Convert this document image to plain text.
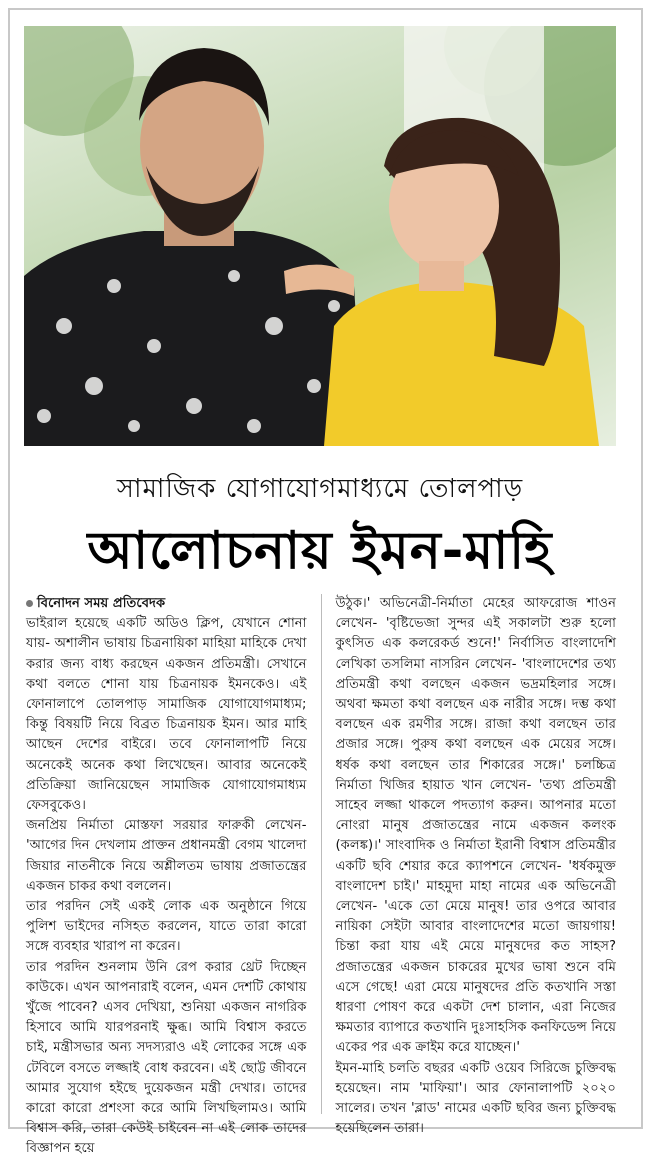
সামাজিক যোগাযোগমাধ্যমে তোলপাড়
আলোচনায় ইমন-মাহি
বিনোদন সময় প্রতিবেদক

ভাইরাল হয়েছে একটি অডিও ক্লিপ, যেখানে শোনা যায়- অশালীন ভাষায় চিত্রনায়িকা মাহিয়া মাহিকে দেখা করার জন্য বাধ্য করছেন একজন প্রতিমন্ত্রী। সেখানে কথা বলতে শোনা যায় চিত্রনায়ক ইমনকেও। এই ফোনালাপে তোলপাড় সামাজিক যোগাযোগমাধ্যম; কিন্তু বিষয়টি নিয়ে বিব্রত চিত্রনায়ক ইমন। আর মাহি আছেন দেশের বাইরে। তবে ফোনালাপটি নিয়ে অনেকেই অনেক কথা লিখেছেন। আবার অনেকেই প্রতিক্রিয়া জানিয়েছেন সামাজিক যোগাযোগমাধ্যম ফেসবুকেও।

জনপ্রিয় নির্মাতা মোস্তফা সরয়ার ফারুকী লেখেন- 'আগের দিন দেখলাম প্রাক্তন প্রধানমন্ত্রী বেগম খালেদা জিয়ার নাতনীকে নিয়ে অশ্লীলতম ভাষায় প্রজাতন্ত্রের একজন চাকর কথা বললেন।

তার পরদিন সেই একই লোক এক অনুষ্ঠানে গিয়ে পুলিশ ভাইদের নসিহত করলেন, যাতে তারা কারো সঙ্গে ব্যবহার খারাপ না করেন।

তার পরদিন শুনলাম উনি রেপ করার থ্রেট দিচ্ছেন কাউকে। এখন আপনারাই বলেন, এমন দেশটি কোথায় খুঁজে পাবেন? এসব দেখিয়া, শুনিয়া একজন নাগরিক হিসাবে আমি যারপরনাই ক্ষুব্ধ। আমি বিশ্বাস করতে চাই, মন্ত্রীসভার অন্য সদস্যরাও এই লোকের সঙ্গে এক টেবিলে বসতে লজ্জাই বোধ করবেন। এই ছোট্ট জীবনে আমার সুযোগ হইছে দুয়েকজন মন্ত্রী দেখার। তাদের কারো কারো প্রশংসা করে আমি লিখছিলামও। আমি বিশ্বাস করি, তারা কেউই চাইবেন না এই লোক তাদের বিজ্ঞাপন হয়ে

উঠুক।' অভিনেত্রী-নির্মাতা মেহের আফরোজ শাওন লেখেন- 'বৃষ্টিভেজা সুন্দর এই সকালটা শুরু হলো কুৎসিত এক কলরেকর্ড শুনে!' নির্বাসিত বাংলাদেশি লেখিকা তসলিমা নাসরিন লেখেন- 'বাংলাদেশের তথ্য প্রতিমন্ত্রী কথা বলছেন একজন ভদ্রমহিলার সঙ্গে। অথবা ক্ষমতা কথা বলছেন এক নারীর সঙ্গে। দম্ভ কথা বলছেন এক রমণীর সঙ্গে। রাজা কথা বলছেন তার প্রজার সঙ্গে। পুরুষ কথা বলছেন এক মেয়ের সঙ্গে। ধর্ষক কথা বলছেন তার শিকারের সঙ্গে।' চলচ্চিত্র নির্মাতা খিজির হায়াত খান লেখেন- 'তথ্য প্রতিমন্ত্রী সাহেব লজ্জা থাকলে পদত্যাগ করুন। আপনার মতো নোংরা মানুষ প্রজাতন্ত্রের নামে একজন কলংক (কলঙ্ক)।' সাংবাদিক ও নির্মাতা ইরানী বিশ্বাস প্রতিমন্ত্রীর একটি ছবি শেয়ার করে ক্যাপশনে লেখেন- 'ধর্ষকমুক্ত বাংলাদেশ চাই।' মাহমুদা মাহা নামের এক অভিনেত্রী লেখেন- 'একে তো মেয়ে মানুষ! তার ওপরে আবার নায়িকা সেইটা আবার বাংলাদেশের মতো জায়গায়! চিন্তা করা যায় এই মেয়ে মানুষদের কত সাহস? প্রজাতন্ত্রের একজন চাকরের মুখের ভাষা শুনে বমি এসে গেছে! এরা মেয়ে মানুষদের প্রতি কতখানি সস্তা ধারণা পোষণ করে একটা দেশ চালান, এরা নিজের ক্ষমতার ব্যাপারে কতখানি দুঃসাহসিক কনফিডেন্স নিয়ে একের পর এক ক্রাইম করে যাচ্ছেন।'

ইমন-মাহি চলতি বছরর একটি ওয়েব সিরিজে চুক্তিবদ্ধ হয়েছেন। নাম 'মাফিয়া'। আর ফোনালাপটি ২০২০ সালের। তখন 'ব্লাড' নামের একটি ছবির জন্য চুক্তিবদ্ধ হয়েছিলেন তারা।
